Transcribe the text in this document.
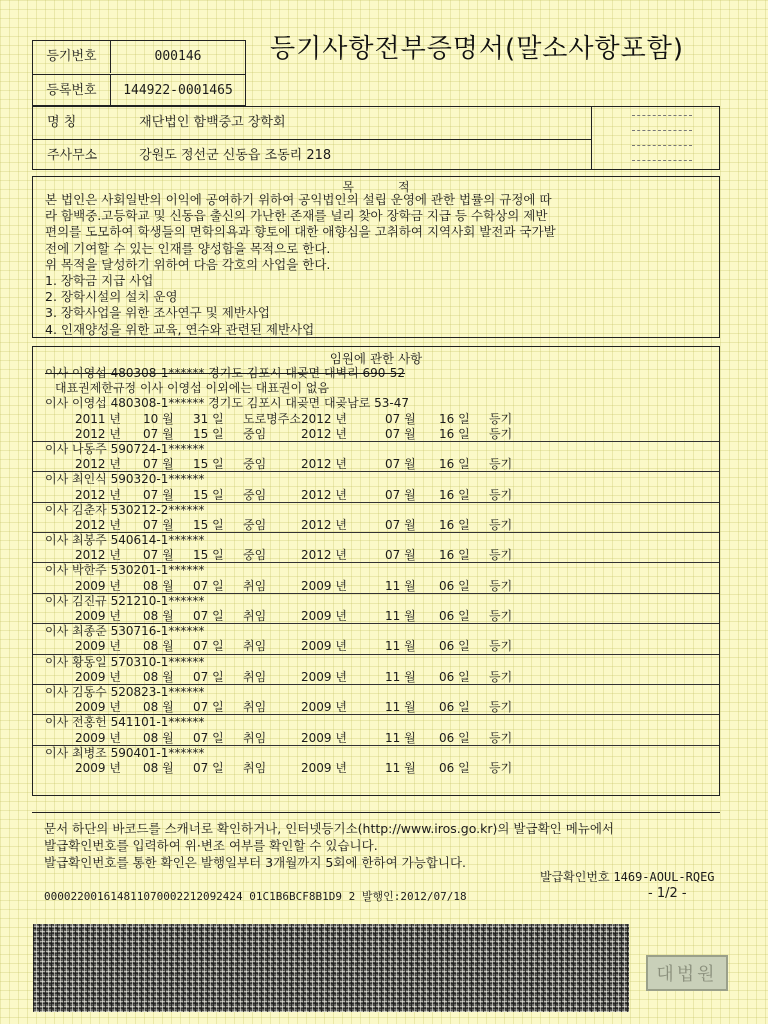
등기번호	000146
등록번호	144922-0001465
등기사항전부증명서(말소사항포함)
명 칭	재단법인 함백중고 장학회
주사무소	강원도 정선군 신동읍 조동리 218
목적

본 법인은 사회일반의 이익에 공여하기 위하여 공익법인의 설립 운영에 관한 법률의 규정에 따

라 함백중.고등학교 및 신동읍 출신의 가난한 존재를 널리 찾아 장학금 지급 등 수학상의 제반

편의를 도모하여 학생들의 면학의욕과 향토에 대한 애향심을 고취하여 지역사회 발전과 국가발

전에 기여할 수 있는 인재를 양성함을 목적으로 한다.

위 목적을 달성하기 위하여 다음 각호의 사업을 한다.

1. 장학금 지급 사업

2. 장학시설의 설치 운영

3. 장학사업을 위한 조사연구 및 제반사업

4. 인재양성을 위한 교육, 연수와 관련된 제반사업

임원에 관한 사항
이사 이영섭 480308-1****** 경기도 김포시 대곶면 대벽리 690-52
대표권제한규정 이사 이영섭 이외에는 대표권이 없음
이사 이영섭 480308-1****** 경기도 김포시 대곶면 대곶남로 53-47
2011 년 10 월 31 일 도로명주소 2012 년	07 월 16 일 등기
2012 년 07 월 15 일 중임	2012 년	07 월 16 일 등기
이사 나동주 590724-1******
2012 년 07 월 15 일 중임	2012 년	07 월 16 일 등기
이사 최인식 590320-1******
2012 년 07 월 15 일 중임	2012 년	07 월 16 일 등기
이사 김춘자 530212-2******
2012 년 07 월 15 일 중임	2012 년	07 월 16 일 등기
이사 최봉주 540614-1******
2012 년 07 월 15 일 중임	2012 년	07 월 16 일 등기
이사 박한주 530201-1******
2009 년 08 월 07 일 취임	2009 년	11 월 06 일 등기
이사 김진규 521210-1******
2009 년 08 월 07 일 취임	2009 년	11 월 06 일 등기
이사 최종준 530716-1******
2009 년 08 월 07 일 취임	2009 년	11 월 06 일 등기
이사 황동일 570310-1******
2009 년 08 월 07 일 취임	2009 년	11 월 06 일 등기
이사 김동수 520823-1******
2009 년 08 월 07 일 취임	2009 년	11 월 06 일 등기
이사 전홍헌 541101-1******
2009 년 08 월 07 일 취임	2009 년	11 월 06 일 등기
이사 최병조 590401-1******
2009 년 08 월 07 일 취임	2009 년	11 월 06 일 등기

문서 하단의 바코드를 스캐너로 확인하거나, 인터넷등기소(http://www.iros.go.kr)의 발급확인 메뉴에서

발급확인번호를 입력하여 위·변조 여부를 확인할 수 있습니다.

발급확인번호를 통한 확인은 발행일부터 3개월까지 5회에 한하여 가능합니다.

발급확인번호 1469-AOUL-RQEG
000022001614811070002212092424 01C1B6BCF8B1D9 2 발행인:2012/07/18	- 1/2 -
대법원
